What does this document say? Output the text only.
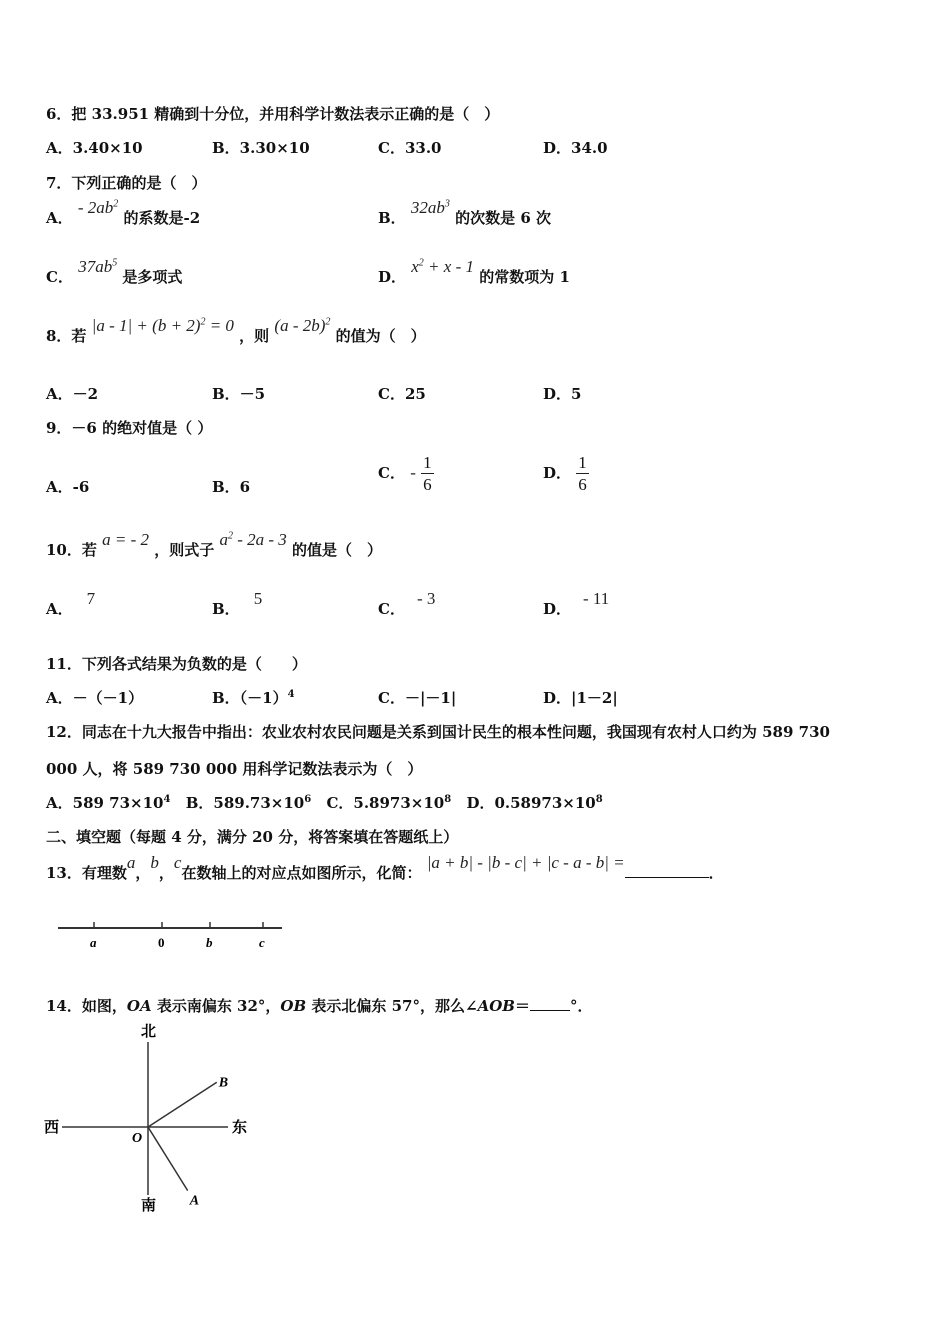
6．把 33.951 精确到十分位，并用科学计数法表示正确的是（　）
A．3.40×10	B．3.30×10	C．33.0	D．34.0
7．下列正确的是（　）
A． - $2ab^2$ 的系数是-2	B． $32ab^3$ 的次数是 6 次
C． $37ab^5$ 是多项式	D． $x^2 + x - 1$ 的常数项为 1
8．若 $|a - 1| + (b + 2)^2 = 0$ ，则 (a - 2b)$^2$ 的值为（　）
A．－2	B．－5	C．25	D．5
9．－6 的绝对值是（ ）
A．-6	B．6
C． - $\frac{1}{6}$	D． $\frac{1}{6}$
10．若 a = - 2 ，则式子 $a^2 - 2a - 3$ 的值是（　）
A．7
B．5
C．- 3
D．- 11
11．下列各式结果为负数的是（　　）
A．－（－1）	B．$(-1)^4$	C．－|－1|	D．|1－2|
12．同志在十九大报告中指出：农业农村农民问题是关系到国计民生的根本性问题，我国现有农村人口约为 589 730
000 人，将 589 730 000 用科学记数法表示为（　）
A．589 $73\times 10^4$ B．$589.73\times 10^6$ C．$5.8973\times 10^8$ D．$0.58973\times 10^8$
二、填空题（每题 4 分，满分 20 分，将答案填在答题纸上）
13．有理数a，b，c在数轴上的对应点如图所示，化简： |a + b| - |b - c| + |c - a - b| =．
a	0	b	c
14．如图，OA 表示南偏东 32°，OB 表示北偏东 57°，那么∠AOB＝	°．
北
南
东
西
O
A
B
